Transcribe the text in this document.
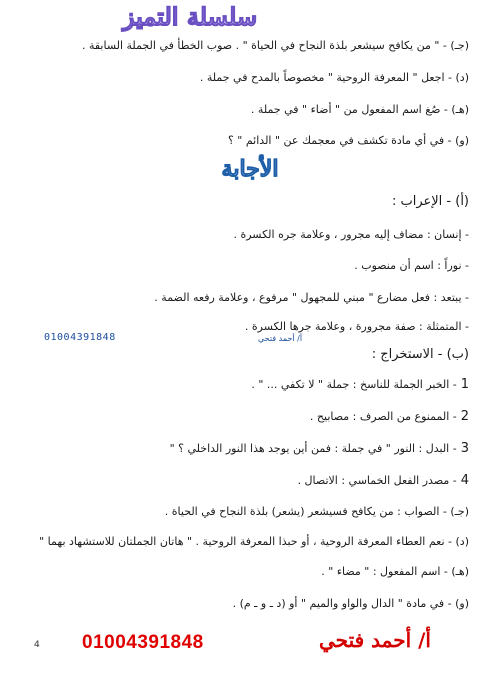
سلسلة التميز
(جـ) - " من يكافح سيشعر بلذة النجاح في الحياة " . صوب الخطأ في الجملة السابقة .
(د) - اجعل " المعرفة الروحية " مخصوصاً بالمدح في جملة .
(هـ) - صُغ اسم المفعول من " أضاء " في جملة .
(و) - في أي مادة تكشف في معجمك عن " الدائم " ؟
الأجابة
(أ) - الإعراب :
- إنسان : مضاف إليه مجرور ، وعلامة جره الكسرة .
- نوراً : اسم أن منصوب .
- يبتعد : فعل مضارع " مبني للمجهول " مرفوع ، وعلامة رفعه الضمة .
- المتمثلة : صفة مجرورة ، وعلامة جرها الكسرة .
01004391848	أ/ أحمد فتحي
(ب) - الاستخراج :
1- الخبر الجملة للناسخ : جملة " لا تكفي ... " .
2- الممنوع من الصرف : مصابيح .
3- البدل : النور " في جملة : فمن أين يوجد هذا النور الداخلي ؟ "
4- مصدر الفعل الخماسي : الاتصال .
(جـ) - الصواب : من يكافح فسيشعر (يشعر) بلذة النجاح في الحياة .
(د) - نعم العطاء المعرفة الروحية ، أو حبذا المعرفة الروحية . " هاتان الجملتان للاستشهاد بهما "
(هـ) - اسم المفعول : " مضاء " .
(و) - في مادة " الدال والواو والميم " أو (د ـ و ـ م) .
4 01004391848	أ/ أحمد فتحي
